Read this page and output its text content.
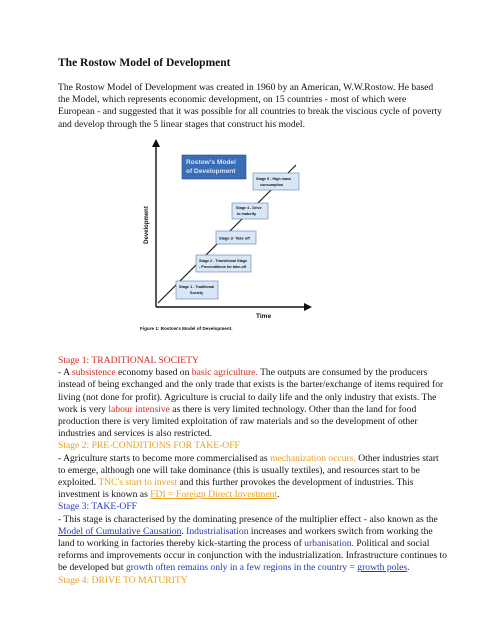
The Rostow Model of Development
The Rostow Model of Development was created in 1960 by an American, W.W.Rostow. He based the Model, which represents economic development, on 15 countries - most of which were European - and suggested that it was possible for all countries to break the viscious cycle of poverty and develop through the 5 linear stages that construct his model.
Development
Time
Rostow's Model
of Development
Stage 5 - High mass
consumption
Stage 4 - Drive
to maturity
Stage 3- Take off
Stage 2 - Transitional Stage
- Preconditions for take-off
Stage 1 - Traditional
Society
Figure 1: Rostow's Model of Development.

Stage 1: TRADITIONAL SOCIETY

- A subsistence economy based on basic agriculture. The outputs are consumed by the producers instead of being exchanged and the only trade that exists is the barter/exchange of items required for living (not done for profit). Agriculture is crucial to daily life and the only industry that exists. The work is very labour intensive as there is very limited technology. Other than the land for food production there is very limited exploitation of raw materials and so the development of other industries and services is also restricted.

Stage 2: PRE-CONDITIONS FOR TAKE-OFF

- Agriculture starts to become more commercialised as mechanization occurs. Other industries start to emerge, although one will take dominance (this is usually textiles), and resources start to be exploited. TNC's start to invest and this further provokes the development of industries. This investment is known as FDI = Foreign Direct Investment.

Stage 3: TAKE-OFF

- This stage is characterised by the dominating presence of the multiplier effect - also known as the Model of Cumulative Causation. Industrialisation increases and workers switch from working the land to working in factories thereby kick-starting the process of urbanisation. Political and social reforms and improvements occur in conjunction with the industrialization. Infrastructure continues to be developed but growth often remains only in a few regions in the country = growth poles.

Stage 4: DRIVE TO MATURITY
